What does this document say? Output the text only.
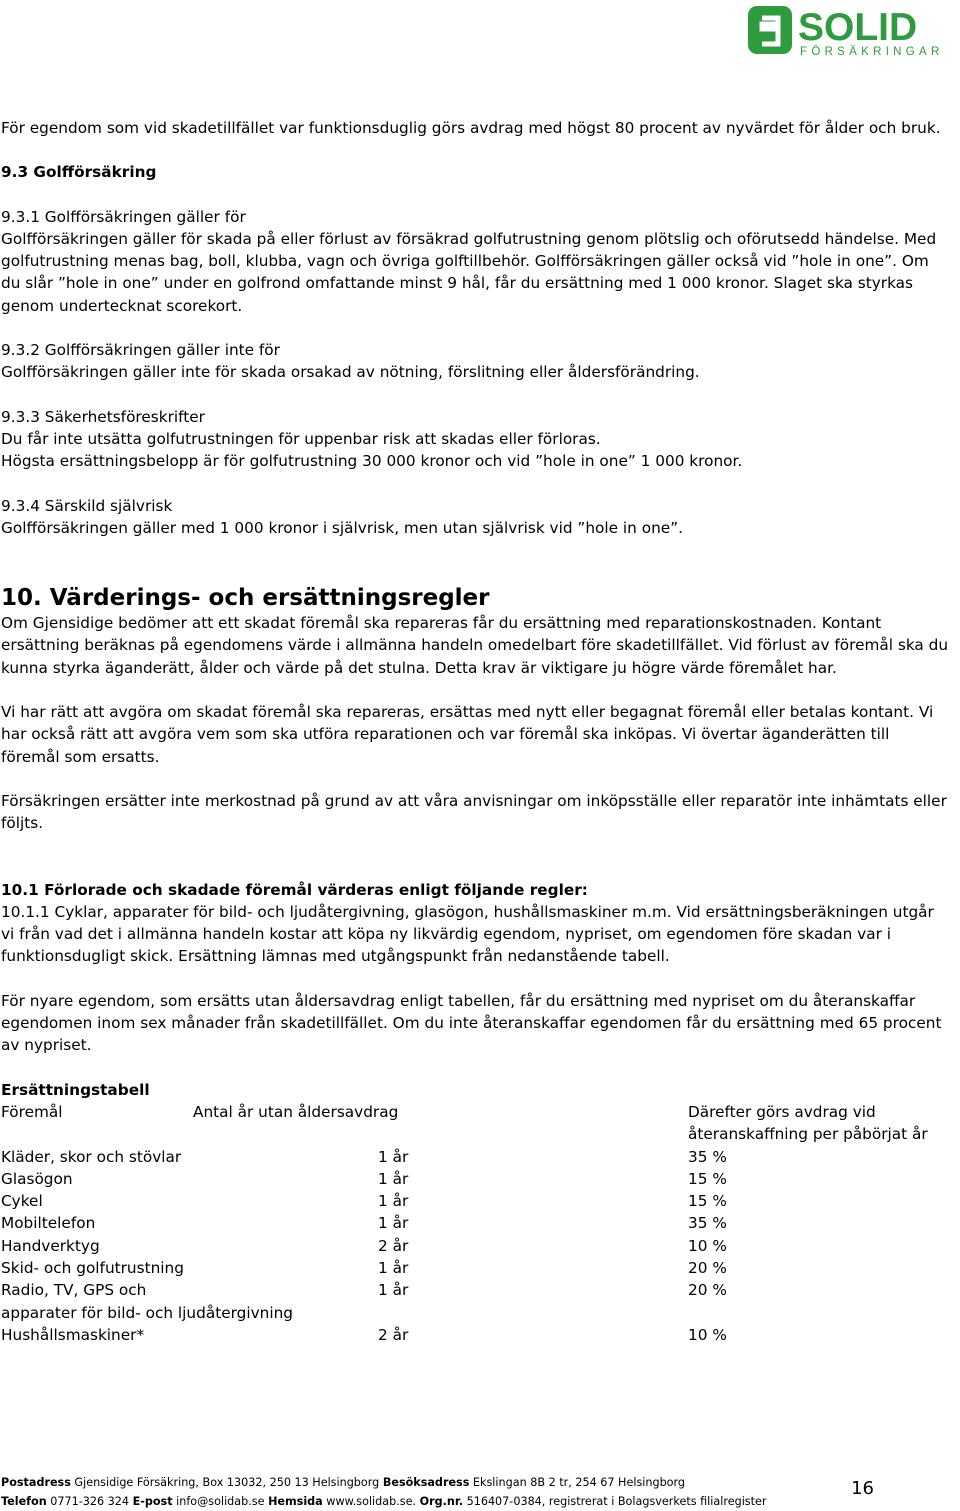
SOLID
FÖRSÄKRINGAR

För egendom som vid skadetillfället var funktionsduglig görs avdrag med högst 80 procent av nyvärdet för ålder och bruk.

9.3 Golfförsäkring

9.3.1 Golfförsäkringen gäller för

Golfförsäkringen gäller för skada på eller förlust av försäkrad golfutrustning genom plötslig och oförutsedd händelse. Med golfutrustning menas bag, boll, klubba, vagn och övriga golftillbehör. Golfförsäkringen gäller också vid ”hole in one”. Om du slår ”hole in one” under en golfrond omfattande minst 9 hål, får du ersättning med 1 000 kronor. Slaget ska styrkas genom undertecknat scorekort.

9.3.2 Golfförsäkringen gäller inte för

Golfförsäkringen gäller inte för skada orsakad av nötning, förslitning eller åldersförändring.

9.3.3 Säkerhetsföreskrifter

Du får inte utsätta golfutrustningen för uppenbar risk att skadas eller förloras.

Högsta ersättningsbelopp är för golfutrustning 30 000 kronor och vid ”hole in one” 1 000 kronor.

9.3.4 Särskild självrisk

Golfförsäkringen gäller med 1 000 kronor i självrisk, men utan självrisk vid ”hole in one”.

10. Värderings- och ersättningsregler

Om Gjensidige bedömer att ett skadat föremål ska repareras får du ersättning med reparationskostnaden. Kontant ersättning beräknas på egendomens värde i allmänna handeln omedelbart före skadetillfället. Vid förlust av föremål ska du kunna styrka äganderätt, ålder och värde på det stulna. Detta krav är viktigare ju högre värde föremålet har.

Vi har rätt att avgöra om skadat föremål ska repareras, ersättas med nytt eller begagnat föremål eller betalas kontant. Vi har också rätt att avgöra vem som ska utföra reparationen och var föremål ska inköpas. Vi övertar äganderätten till föremål som ersatts.

Försäkringen ersätter inte merkostnad på grund av att våra anvisningar om inköpsställe eller reparatör inte inhämtats eller följts.

10.1 Förlorade och skadade föremål värderas enligt följande regler:

10.1.1 Cyklar, apparater för bild- och ljudåtergivning, glasögon, hushållsmaskiner m.m. Vid ersättningsberäkningen utgår vi från vad det i allmänna handeln kostar att köpa ny likvärdig egendom, nypriset, om egendomen före skadan var i funktionsdugligt skick. Ersättning lämnas med utgångspunkt från nedanstående tabell.

För nyare egendom, som ersätts utan åldersavdrag enligt tabellen, får du ersättning med nypriset om du återanskaffar egendomen inom sex månader från skadetillfället. Om du inte återanskaffar egendomen får du ersättning med 65 procent av nypriset.

Ersättningstabell

Föremål	Antal år utan åldersavdrag	Därefter görs avdrag vid återanskaffning per påbörjat år
Kläder, skor och stövlar	1 år	35 %
Glasögon	1 år	15 %
Cykel	1 år	15 %
Mobiltelefon	1 år	35 %
Handverktyg	2 år	10 %
Skid- och golfutrustning	1 år	20 %
Radio, TV, GPS och	1 år	20 %
apparater för bild- och ljudåtergivning		
Hushållsmaskiner*	2 år	10 %
Postadress Gjensidige Försäkring, Box 13032, 250 13 Helsingborg Besöksadress Ekslingan 8B 2 tr, 254 67 Helsingborg
Telefon 0771-326 324 E-post info@solidab.se Hemsida www.solidab.se. Org.nr. 516407-0384, registrerat i Bolagsverkets filialregister
16
